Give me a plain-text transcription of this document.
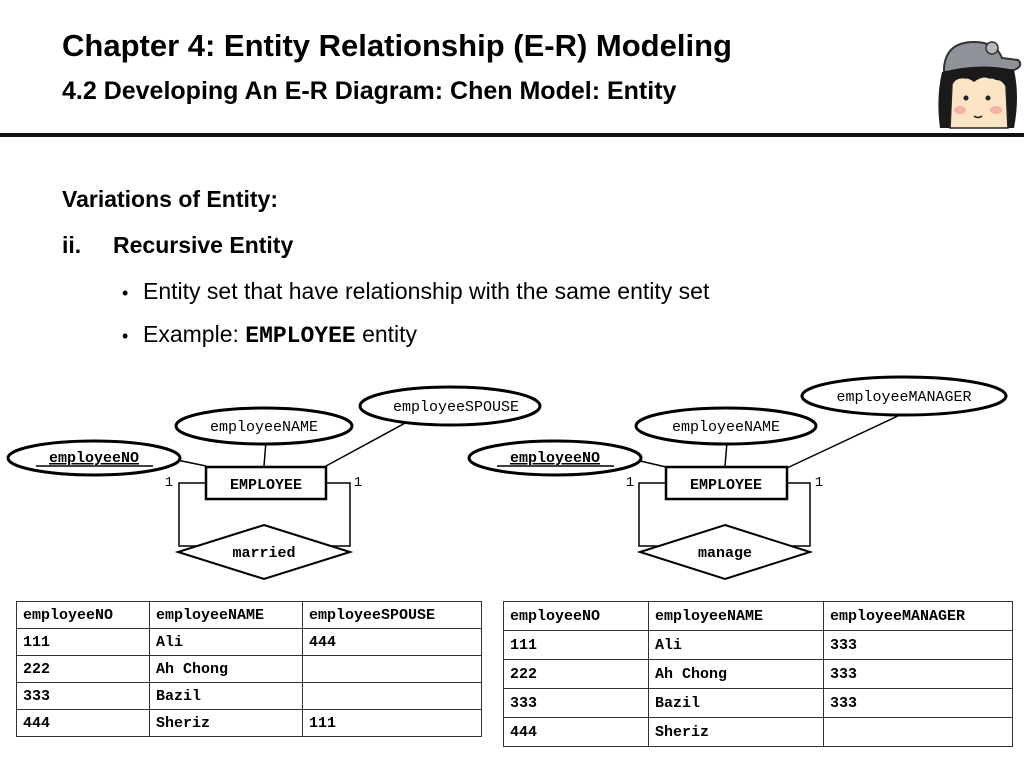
Chapter 4: Entity Relationship (E-R) Modeling
4.2 Developing An E-R Diagram: Chen Model: Entity
Variations of Entity:
ii. Recursive Entity
• Entity set that have relationship with the same entity set
• Example: EMPLOYEE entity
employeeSPOUSE
employeeNAME
employeeNO
EMPLOYEE
married
1	1
employeeMANAGER
employeeNAME
employeeNO
EMPLOYEE
manage
1	1
employeeNO	employeeNAME	employeeSPOUSE
111	Ali	444
222	Ah Chong	
333	Bazil	
444	Sheriz	111
employeeNO	employeeNAME	employeeMANAGER
111	Ali	333
222	Ah Chong	333
333	Bazil	333
444	Sheriz	
